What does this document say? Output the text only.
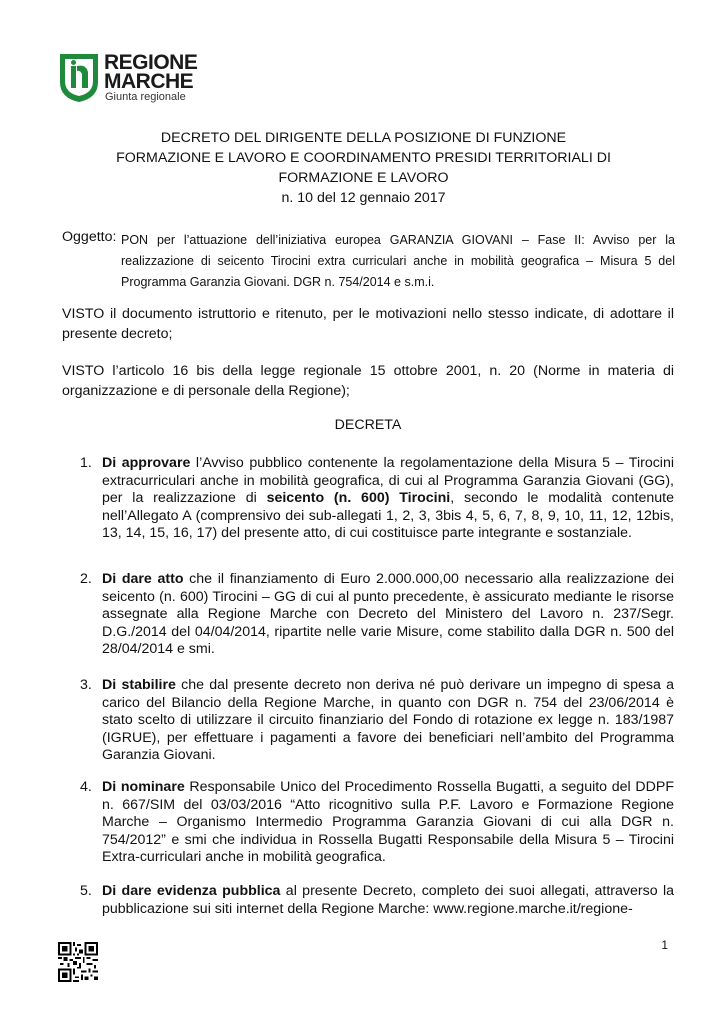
REGIONE
MARCHE
Giunta regionale
DECRETO DEL DIRIGENTE DELLA POSIZIONE DI FUNZIONE
FORMAZIONE E LAVORO E COORDINAMENTO PRESIDI TERRITORIALI DI
FORMAZIONE E LAVORO
n. 10 del 12 gennaio 2017
Oggetto: PON per l’attuazione dell’iniziativa europea GARANZIA GIOVANI – Fase II: Avviso per la realizzazione di seicento Tirocini extra curriculari anche in mobilità geografica – Misura 5 del Programma Garanzia Giovani. DGR n. 754/2014 e s.m.i.
VISTO il documento istruttorio e ritenuto, per le motivazioni nello stesso indicate, di adottare il presente decreto;
VISTO l’articolo 16 bis della legge regionale 15 ottobre 2001, n. 20 (Norme in materia di organizzazione e di personale della Regione);
DECRETA
1. Di approvare l’Avviso pubblico contenente la regolamentazione della Misura 5 – Tirocini extracurriculari anche in mobilità geografica, di cui al Programma Garanzia Giovani (GG), per la realizzazione di seicento (n. 600) Tirocini, secondo le modalità contenute nell’Allegato A (comprensivo dei sub-allegati 1, 2, 3, 3bis 4, 5, 6, 7, 8, 9, 10, 11, 12, 12bis, 13, 14, 15, 16, 17) del presente atto, di cui costituisce parte integrante e sostanziale.
2. Di dare atto che il finanziamento di Euro 2.000.000,00 necessario alla realizzazione dei seicento (n. 600) Tirocini – GG di cui al punto precedente, è assicurato mediante le risorse assegnate alla Regione Marche con Decreto del Ministero del Lavoro n. 237/Segr. D.G./2014 del 04/04/2014, ripartite nelle varie Misure, come stabilito dalla DGR n. 500 del 28/04/2014 e smi.
3. Di stabilire che dal presente decreto non deriva né può derivare un impegno di spesa a carico del Bilancio della Regione Marche, in quanto con DGR n. 754 del 23/06/2014 è stato scelto di utilizzare il circuito finanziario del Fondo di rotazione ex legge n. 183/1987 (IGRUE), per effettuare i pagamenti a favore dei beneficiari nell’ambito del Programma Garanzia Giovani.
4. Di nominare Responsabile Unico del Procedimento Rossella Bugatti, a seguito del DDPF n. 667/SIM del 03/03/2016 “Atto ricognitivo sulla P.F. Lavoro e Formazione Regione Marche – Organismo Intermedio Programma Garanzia Giovani di cui alla DGR n. 754/2012” e smi che individua in Rossella Bugatti Responsabile della Misura 5 – Tirocini Extra-curriculari anche in mobilità geografica.
5. Di dare evidenza pubblica al presente Decreto, completo dei suoi allegati, attraverso la pubblicazione sui siti internet della Regione Marche: www.regione.marche.it/regione-
1
